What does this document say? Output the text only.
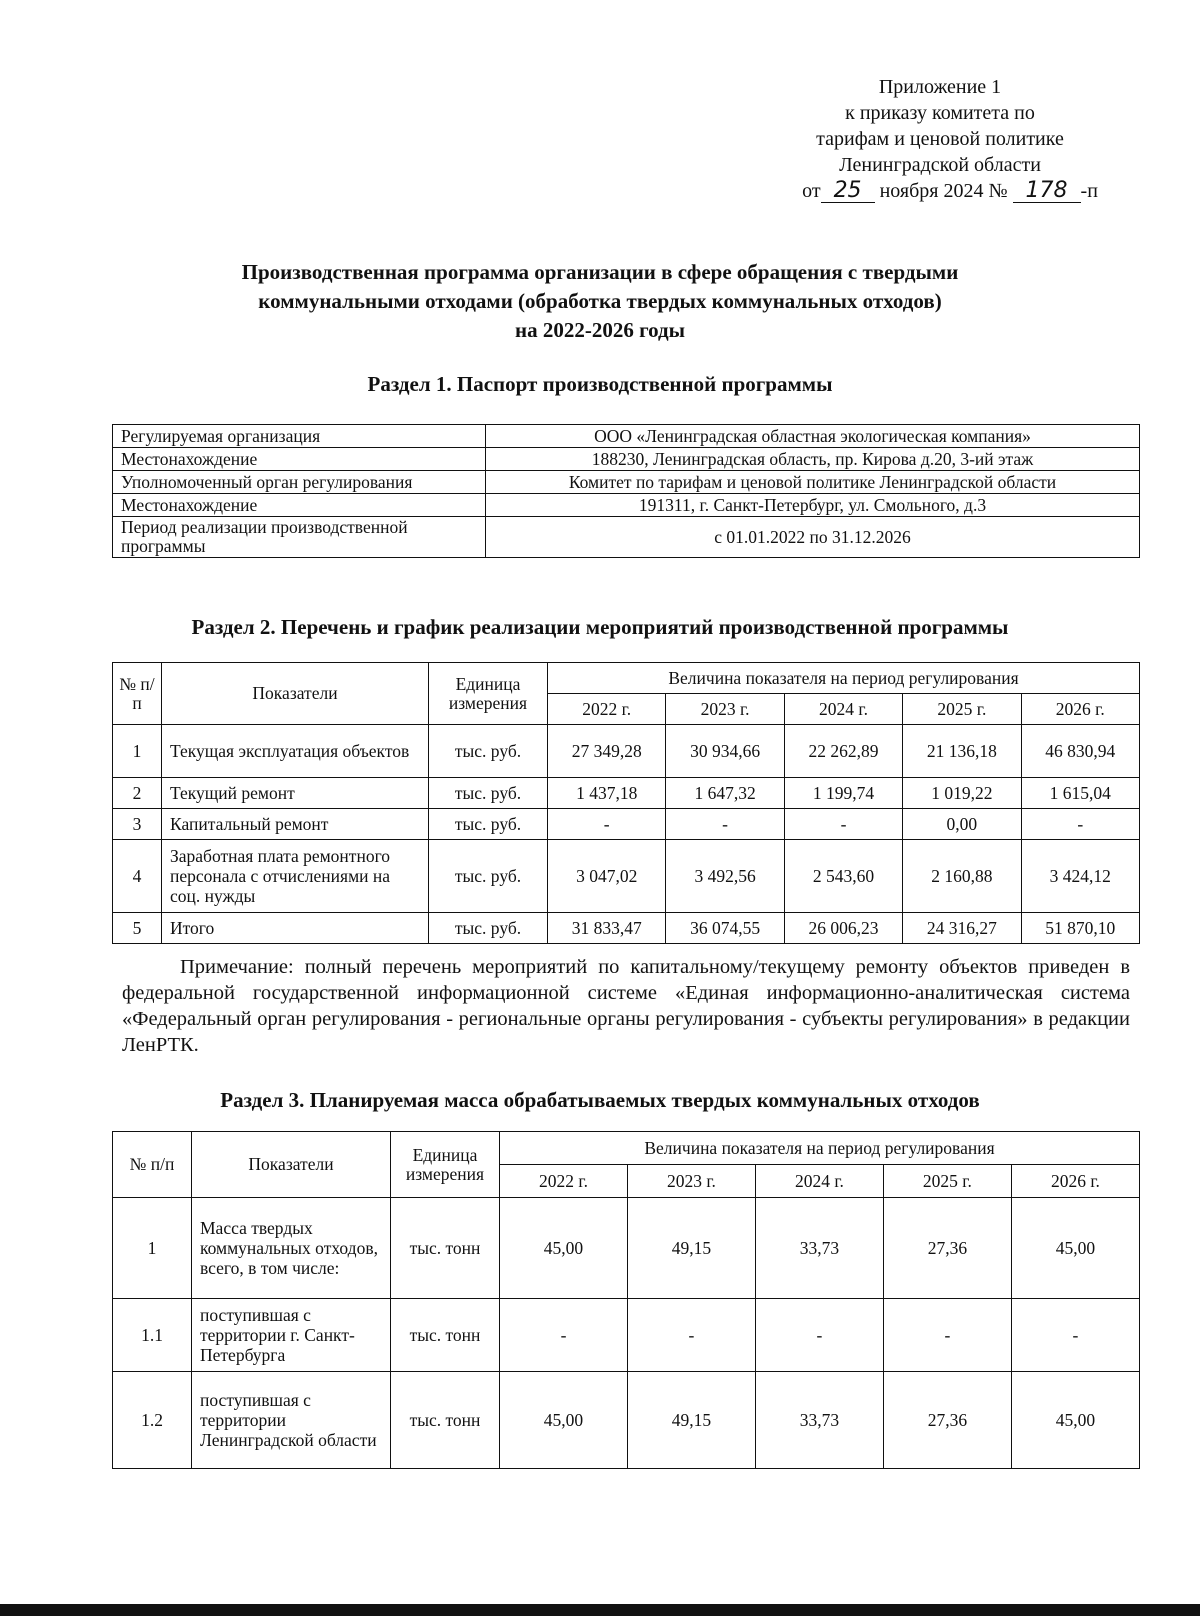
Приложение 1
к приказу комитета по
тарифам и ценовой политике
Ленинградской области
от 25 ноября 2024 № 178 -п
Производственная программа организации в сфере обращения с твердыми
коммунальными отходами (обработка твердых коммунальных отходов)
на 2022-2026 годы
Раздел 1. Паспорт производственной программы
Регулируемая организация	ООО «Ленинградская областная экологическая компания»
Местонахождение	188230, Ленинградская область, пр. Кирова д.20, 3-ий этаж
Уполномоченный орган регулирования	Комитет по тарифам и ценовой политике Ленинградской области
Местонахождение	191311, г. Санкт-Петербург, ул. Смольного, д.3
Период реализации производственной программы	с 01.01.2022 по 31.12.2026
Раздел 2. Перечень и график реализации мероприятий производственной программы
№ п/п	Показатели	Единица измерения	Величина показателя на период регулирования				
			2022 г.	2023 г.	2024 г.	2025 г.	2026 г.
1	Текущая эксплуатация объектов	тыс. руб.	27 349,28	30 934,66	22 262,89	21 136,18	46 830,94
2	Текущий ремонт	тыс. руб.	1 437,18	1 647,32	1 199,74	1 019,22	1 615,04
3	Капитальный ремонт	тыс. руб.	-	-	-	0,00	-
4	Заработная плата ремонтного персонала с отчислениями на соц. нужды	тыс. руб.	3 047,02	3 492,56	2 543,60	2 160,88	3 424,12
5	Итого	тыс. руб.	31 833,47	36 074,55	26 006,23	24 316,27	51 870,10
Примечание: полный перечень мероприятий по капитальному/текущему ремонту объектов приведен в федеральной государственной информационной системе «Единая информационно-аналитическая система «Федеральный орган регулирования - региональные органы регулирования - субъекты регулирования» в редакции ЛенРТК.
Раздел 3. Планируемая масса обрабатываемых твердых коммунальных отходов
№ п/п	Показатели	Единица измерения	Величина показателя на период регулирования				
			2022 г.	2023 г.	2024 г.	2025 г.	2026 г.
1	Масса твердых коммунальных отходов, всего, в том числе:	тыс. тонн	45,00	49,15	33,73	27,36	45,00
1.1	поступившая с территории г. Санкт-Петербурга	тыс. тонн	-	-	-	-	-
1.2	поступившая с территории Ленинградской области	тыс. тонн	45,00	49,15	33,73	27,36	45,00
